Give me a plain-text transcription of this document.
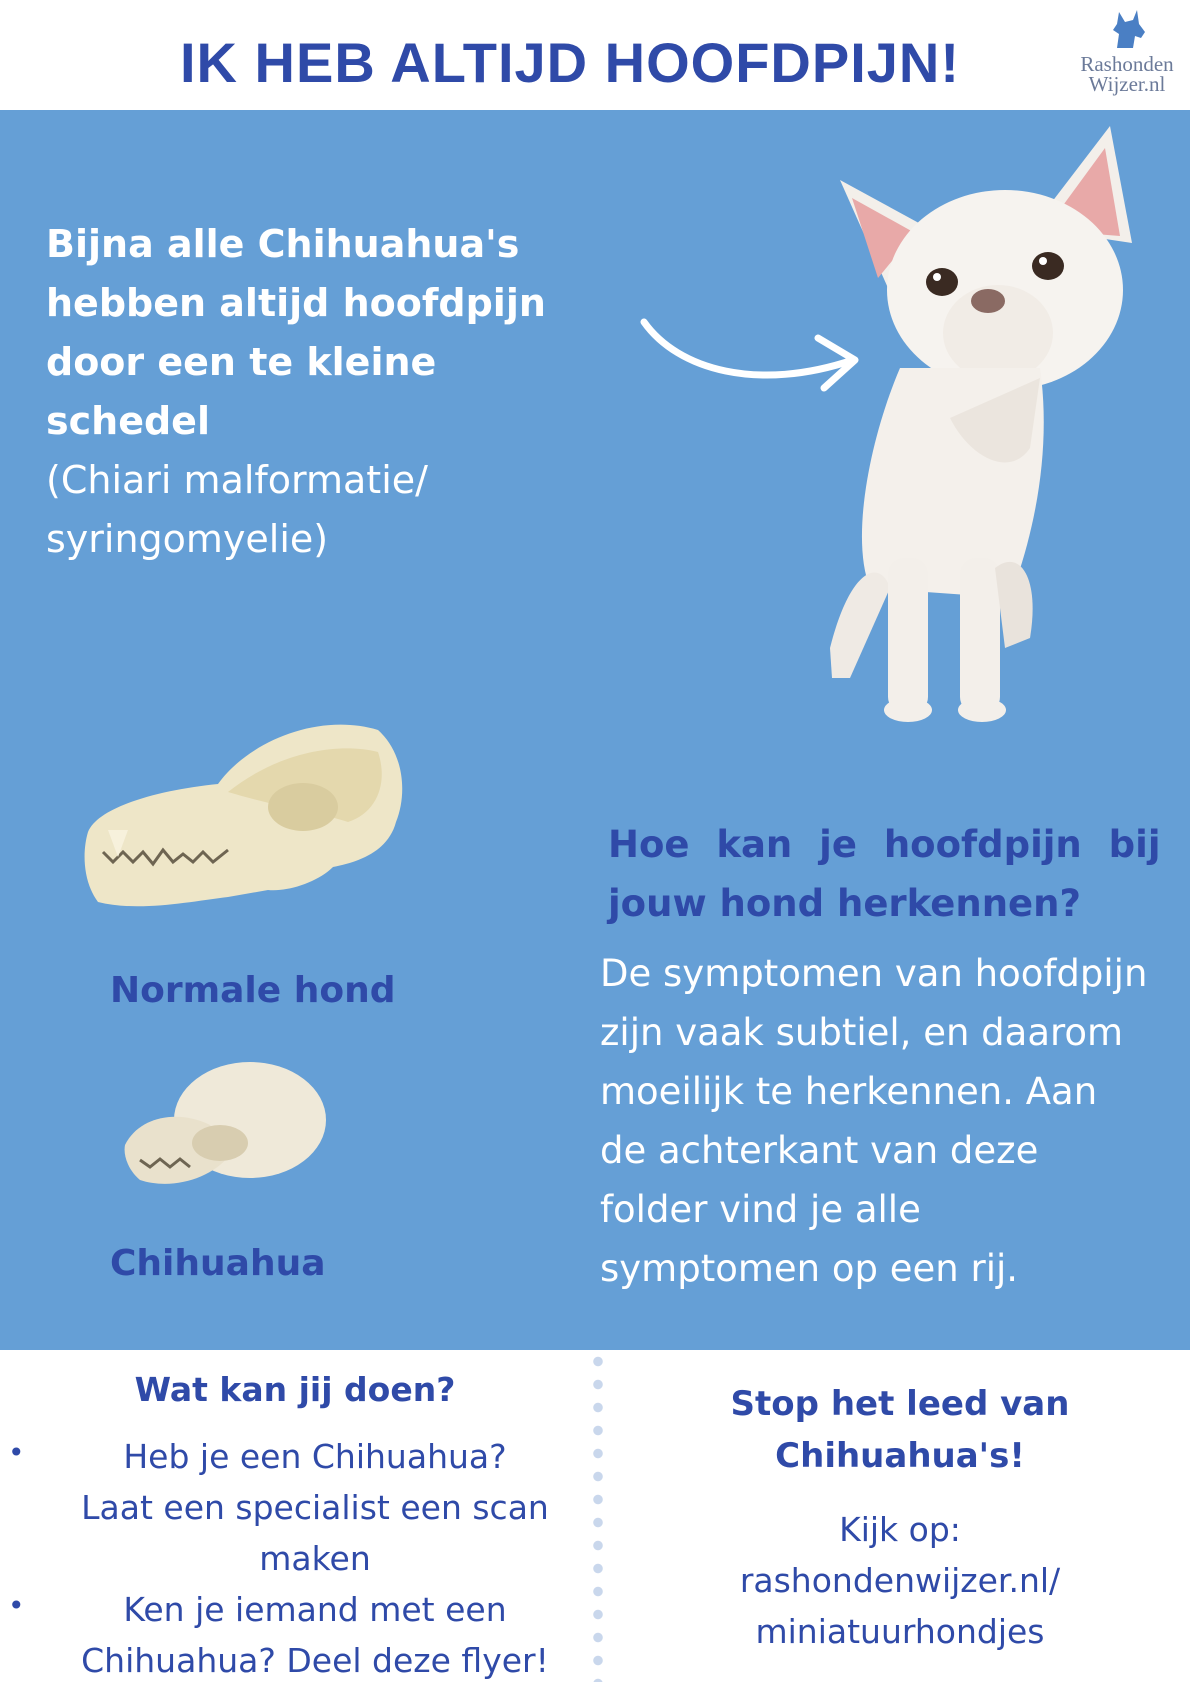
IK HEB ALTIJD HOOFDPIJN!	Rashonden
Wijzer.nl
Bijna alle Chihuahua's
hebben altijd hoofdpijn
door een te kleine schedel
(Chiari malformatie/
syringomyelie)
Normale hond
Chihuahua
Hoe kan je hoofdpijn bij
jouw hond herkennen?
De symptomen van hoofdpijn
zijn vaak subtiel, en daarom
moeilijk te herkennen. Aan
de achterkant van deze
folder vind je alle
symptomen op een rij.
Wat kan jij doen?
•	Heb je een Chihuahua?
Laat een specialist een scan
maken
•	Ken je iemand met een
Chihuahua? Deel deze flyer!
Stop het leed van
Chihuahua's!
Kijk op:
rashondenwijzer.nl/
miniatuurhondjes
